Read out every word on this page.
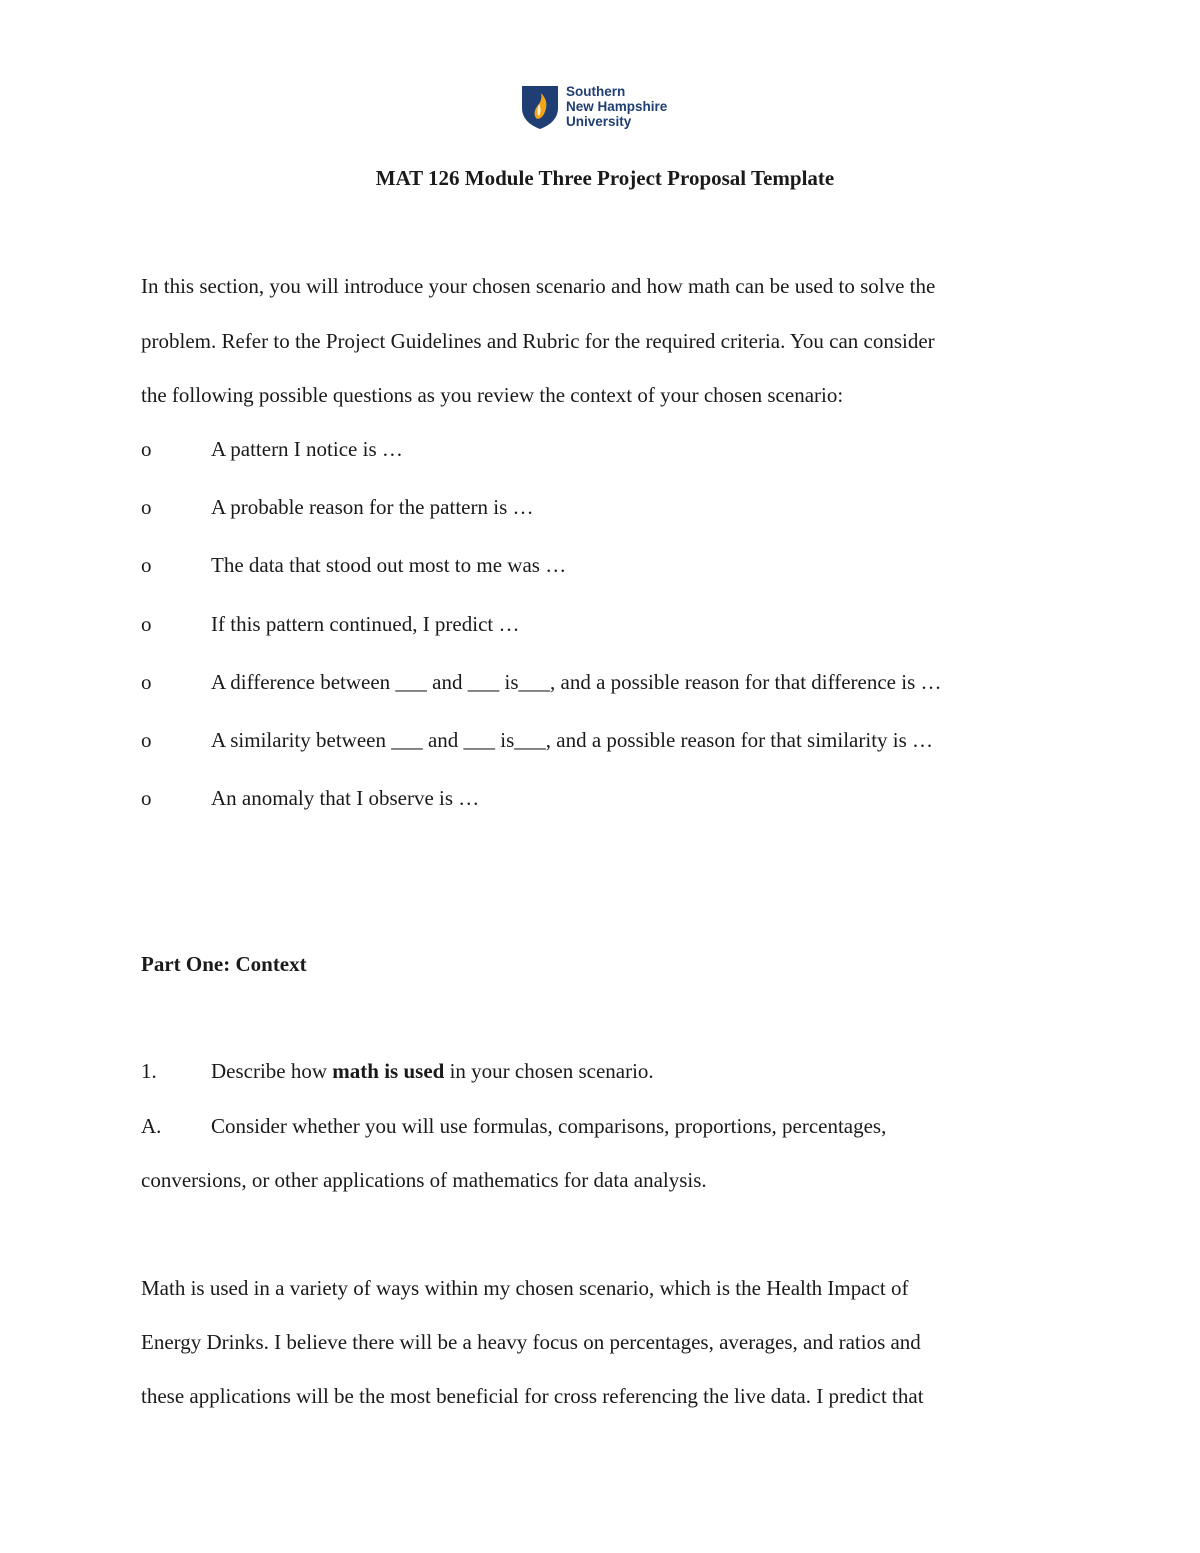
Southern
New Hampshire
University
MAT 126 Module Three Project Proposal Template
In this section, you will introduce your chosen scenario and how math can be used to solve the
problem. Refer to the Project Guidelines and Rubric for the required criteria. You can consider
the following possible questions as you review the context of your chosen scenario:
o	A pattern I notice is …
o	A probable reason for the pattern is …
o	The data that stood out most to me was …
o	If this pattern continued, I predict …
o	A difference between ___ and ___ is___, and a possible reason for that difference is …
o	A similarity between ___ and ___ is___, and a possible reason for that similarity is …
o	An anomaly that I observe is …
Part One: Context
1.	Describe how math is used in your chosen scenario.
A. Consider whether you will use formulas, comparisons, proportions, percentages,
conversions, or other applications of mathematics for data analysis.
Math is used in a variety of ways within my chosen scenario, which is the Health Impact of
Energy Drinks. I believe there will be a heavy focus on percentages, averages, and ratios and
these applications will be the most beneficial for cross referencing the live data. I predict that
